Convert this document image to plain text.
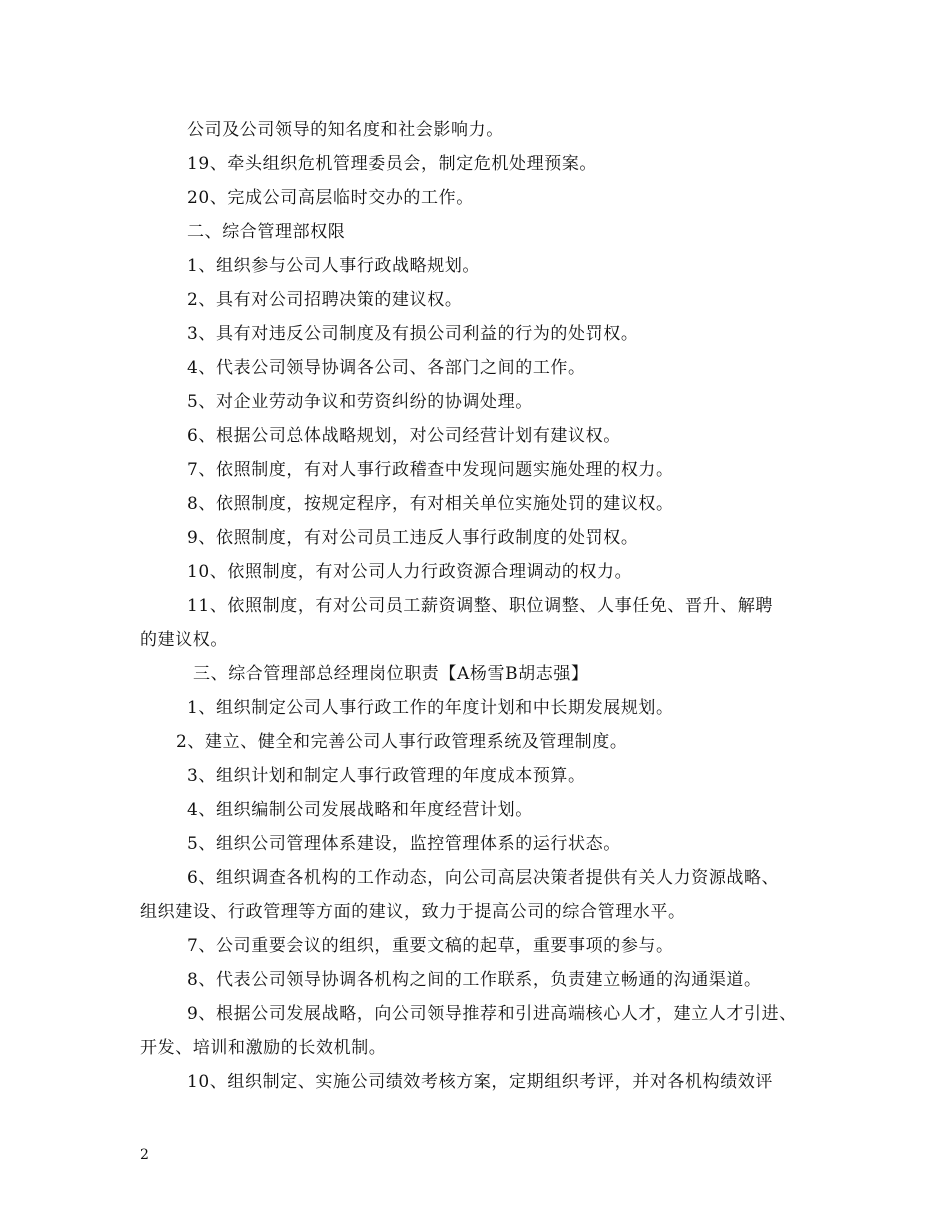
公司及公司领导的知名度和社会影响力。
19、牵头组织危机管理委员会，制定危机处理预案。
20、完成公司高层临时交办的工作。
二、综合管理部权限
1、组织参与公司人事行政战略规划。
2、具有对公司招聘决策的建议权。
3、具有对违反公司制度及有损公司利益的行为的处罚权。
4、代表公司领导协调各公司、各部门之间的工作。
5、对企业劳动争议和劳资纠纷的协调处理。
6、根据公司总体战略规划，对公司经营计划有建议权。
7、依照制度，有对人事行政稽查中发现问题实施处理的权力。
8、依照制度，按规定程序，有对相关单位实施处罚的建议权。
9、依照制度，有对公司员工违反人事行政制度的处罚权。
10、依照制度，有对公司人力行政资源合理调动的权力。
11、依照制度，有对公司员工薪资调整、职位调整、人事任免、晋升、解聘
的建议权。
三、综合管理部总经理岗位职责【A杨雪B胡志强】
1、组织制定公司人事行政工作的年度计划和中长期发展规划。
2、建立、健全和完善公司人事行政管理系统及管理制度。
3、组织计划和制定人事行政管理的年度成本预算。
4、组织编制公司发展战略和年度经营计划。
5、组织公司管理体系建设，监控管理体系的运行状态。
6、组织调查各机构的工作动态，向公司高层决策者提供有关人力资源战略、
组织建设、行政管理等方面的建议，致力于提高公司的综合管理水平。
7、公司重要会议的组织，重要文稿的起草，重要事项的参与。
8、代表公司领导协调各机构之间的工作联系，负责建立畅通的沟通渠道。
9、根据公司发展战略，向公司领导推荐和引进高端核心人才，建立人才引进、
开发、培训和激励的长效机制。
10、组织制定、实施公司绩效考核方案，定期组织考评，并对各机构绩效评
2
